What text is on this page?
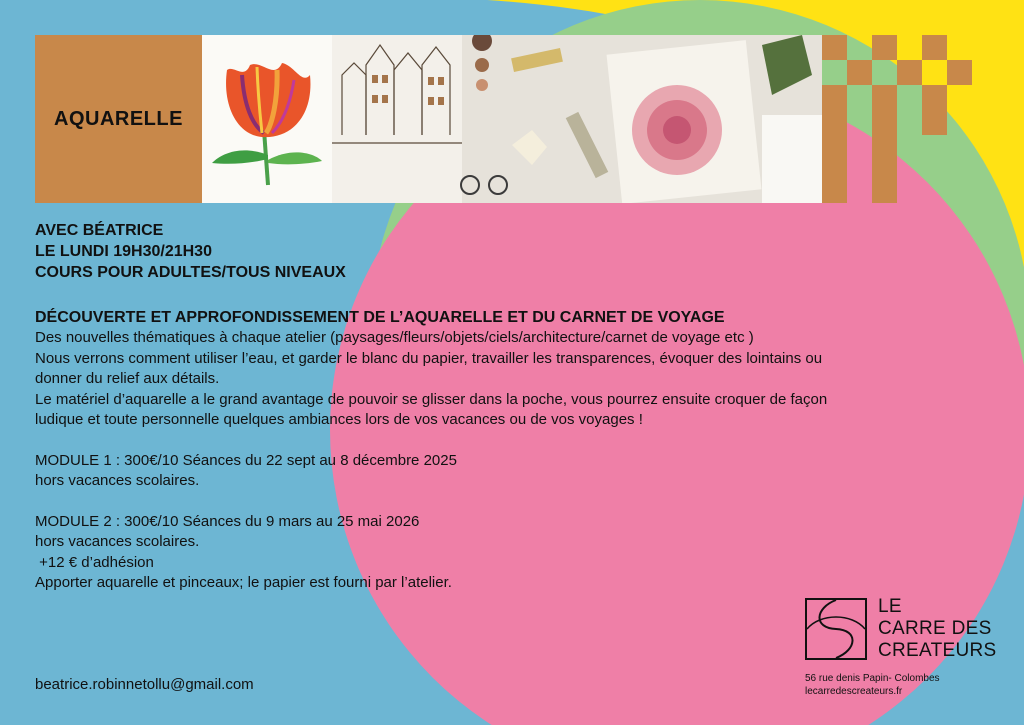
AQUARELLE

AVEC BÉATRICE

LE LUNDI 19H30/21H30

COURS POUR ADULTES/TOUS NIVEAUX

DÉCOUVERTE ET APPROFONDISSEMENT DE L’AQUARELLE ET DU CARNET DE VOYAGE

Des nouvelles thématiques à chaque atelier (paysages/fleurs/objets/ciels/architecture/carnet de voyage etc )

Nous verrons comment utiliser l’eau, et garder le blanc du papier, travailler les transparences, évoquer des lointains ou

donner du relief aux détails.

Le matériel d’aquarelle a le grand avantage de pouvoir se glisser dans la poche, vous pourrez ensuite croquer de façon

ludique et toute personnelle quelques ambiances lors de vos vacances ou de vos voyages !

MODULE 1 : 300€/10 Séances du 22 sept au 8 décembre 2025

hors vacances scolaires.

MODULE 2 : 300€/10 Séances du 9 mars au 25 mai 2026

hors vacances scolaires.

+12 € d’adhésion

Apporter aquarelle et pinceaux; le papier est fourni par l’atelier.

beatrice.robinnetollu@gmail.com
LE
CARRE DES
CREATEURS
56 rue denis Papin- Colombes
lecarredescreateurs.fr
